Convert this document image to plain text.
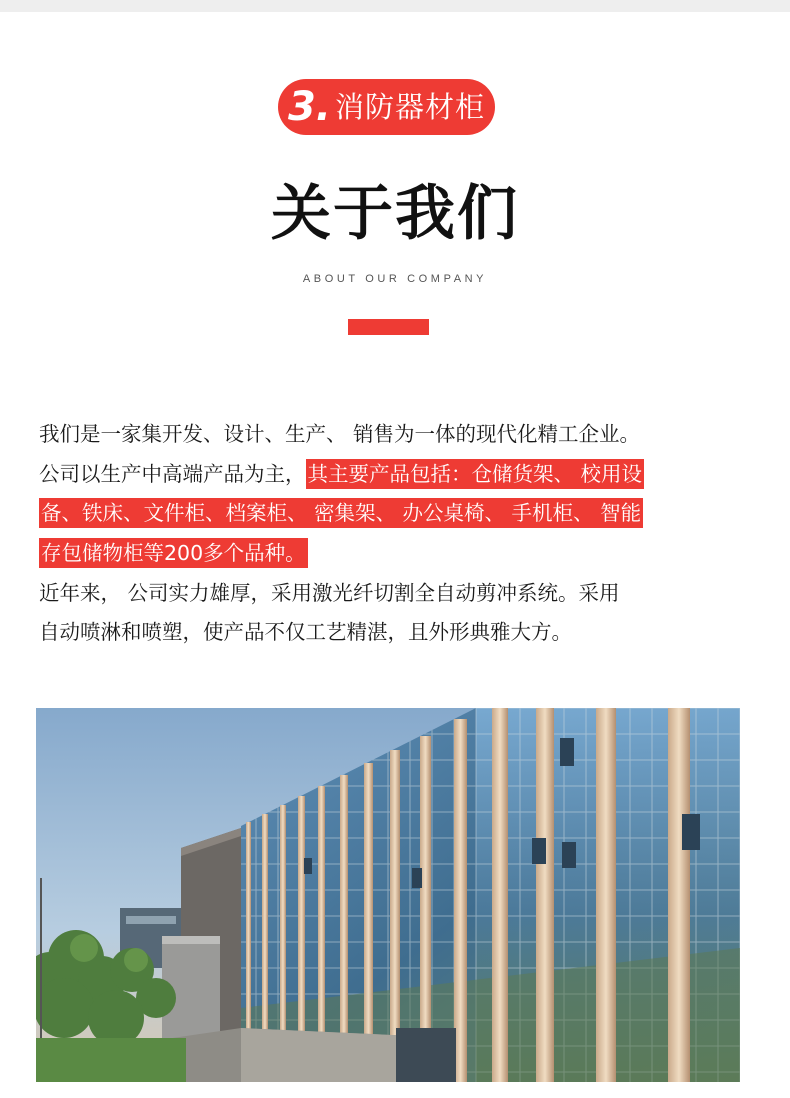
3. 消防器材柜
关于我们
ABOUT OUR COMPANY
我们是一家集开发、设计、生产、 销售为一体的现代化精工企业。
公司以生产中高端产品为主，其主要产品包括：仓储货架、 校用设
备、铁床、文件柜、档案柜、 密集架、 办公桌椅、 手机柜、 智能
存包储物柜等200多个品种。
近年来， 公司实力雄厚，采用激光纤切割全自动剪冲系统。采用
自动喷淋和喷塑，使产品不仅工艺精湛，且外形典雅大方。
